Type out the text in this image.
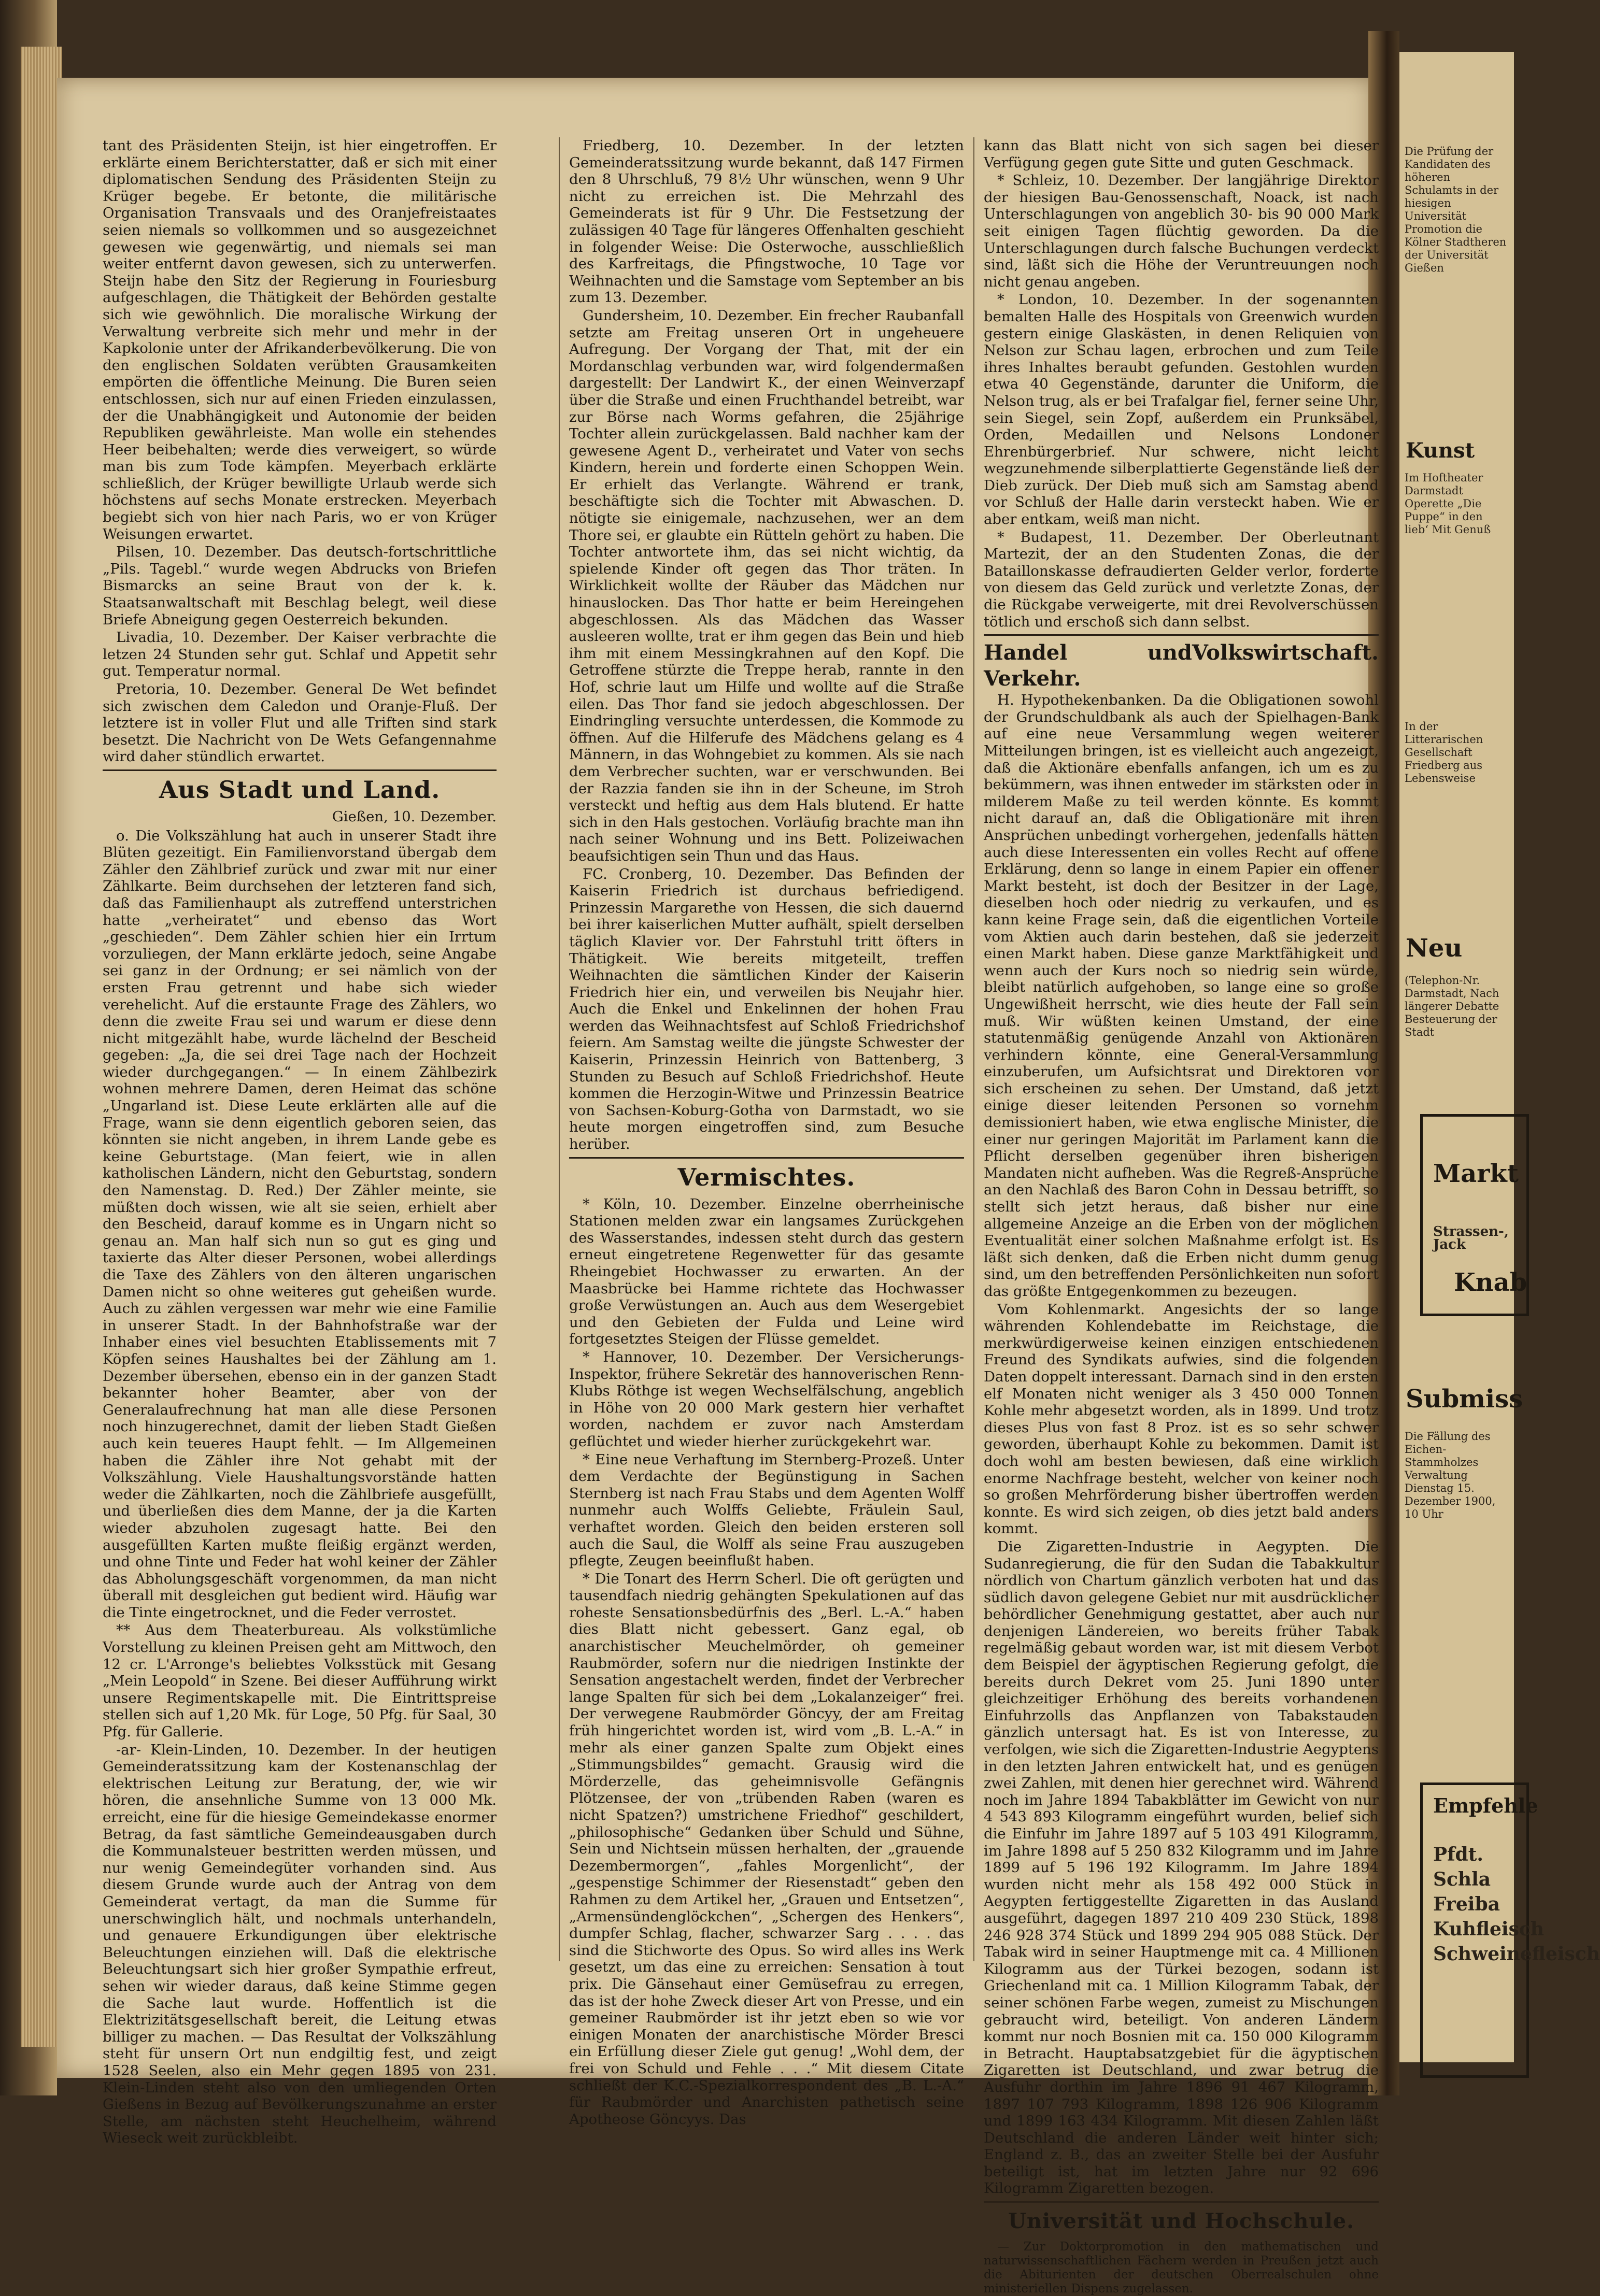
tant des Präsidenten Steijn, ist hier eingetroffen. Er erklärte einem Berichterstatter, daß er sich mit einer diplomatischen Sendung des Präsidenten Steijn zu Krüger begebe. Er betonte, die militärische Organisation Transvaals und des Oranjefreistaates seien niemals so vollkommen und so ausgezeichnet gewesen wie gegenwärtig, und niemals sei man weiter entfernt davon gewesen, sich zu unterwerfen. Steijn habe den Sitz der Regierung in Fouriesburg aufgeschlagen, die Thätigkeit der Behörden gestalte sich wie gewöhnlich. Die moralische Wirkung der Verwaltung verbreite sich mehr und mehr in der Kapkolonie unter der Afrikanderbevölkerung. Die von den englischen Soldaten verübten Grausamkeiten empörten die öffentliche Meinung. Die Buren seien entschlossen, sich nur auf einen Frieden einzulassen, der die Unabhängigkeit und Autonomie der beiden Republiken gewährleiste. Man wolle ein stehendes Heer beibehalten; werde dies verweigert, so würde man bis zum Tode kämpfen. Meyerbach erklärte schließlich, der Krüger bewilligte Urlaub werde sich höchstens auf sechs Monate erstrecken. Meyerbach begiebt sich von hier nach Paris, wo er von Krüger Weisungen erwartet.

Pilsen, 10. Dezember. Das deutsch-fortschrittliche „Pils. Tagebl.“ wurde wegen Abdrucks von Briefen Bismarcks an seine Braut von der k. k. Staatsanwaltschaft mit Beschlag belegt, weil diese Briefe Abneigung gegen Oesterreich bekunden.

Livadia, 10. Dezember. Der Kaiser verbrachte die letzen 24 Stunden sehr gut. Schlaf und Appetit sehr gut. Temperatur normal.

Pretoria, 10. Dezember. General De Wet befindet sich zwischen dem Caledon und Oranje-Fluß. Der letztere ist in voller Flut und alle Triften sind stark besetzt. Die Nachricht von De Wets Gefangennahme wird daher stündlich erwartet.

Aus Stadt und Land.
Gießen, 10. Dezember.

o. Die Volkszählung hat auch in unserer Stadt ihre Blüten gezeitigt. Ein Familienvorstand übergab dem Zähler den Zählbrief zurück und zwar mit nur einer Zählkarte. Beim durchsehen der letzteren fand sich, daß das Familienhaupt als zutreffend unterstrichen hatte „verheiratet“ und ebenso das Wort „geschieden“. Dem Zähler schien hier ein Irrtum vorzuliegen, der Mann erklärte jedoch, seine Angabe sei ganz in der Ordnung; er sei nämlich von der ersten Frau getrennt und habe sich wieder verehelicht. Auf die erstaunte Frage des Zählers, wo denn die zweite Frau sei und warum er diese denn nicht mitgezählt habe, wurde lächelnd der Bescheid gegeben: „Ja, die sei drei Tage nach der Hochzeit wieder durchgegangen.“ — In einem Zählbezirk wohnen mehrere Damen, deren Heimat das schöne „Ungarland ist. Diese Leute erklärten alle auf die Frage, wann sie denn eigentlich geboren seien, das könnten sie nicht angeben, in ihrem Lande gebe es keine Geburtstage. (Man feiert, wie in allen katholischen Ländern, nicht den Geburtstag, sondern den Namenstag. D. Red.) Der Zähler meinte, sie müßten doch wissen, wie alt sie seien, erhielt aber den Bescheid, darauf komme es in Ungarn nicht so genau an. Man half sich nun so gut es ging und taxierte das Alter dieser Personen, wobei allerdings die Taxe des Zählers von den älteren ungarischen Damen nicht so ohne weiteres gut geheißen wurde. Auch zu zählen vergessen war mehr wie eine Familie in unserer Stadt. In der Bahnhofstraße war der Inhaber eines viel besuchten Etablissements mit 7 Köpfen seines Haushaltes bei der Zählung am 1. Dezember übersehen, ebenso ein in der ganzen Stadt bekannter hoher Beamter, aber von der Generalaufrechnung hat man alle diese Personen noch hinzugerechnet, damit der lieben Stadt Gießen auch kein teueres Haupt fehlt. — Im Allgemeinen haben die Zähler ihre Not gehabt mit der Volkszählung. Viele Haushaltungsvorstände hatten weder die Zählkarten, noch die Zählbriefe ausgefüllt, und überließen dies dem Manne, der ja die Karten wieder abzuholen zugesagt hatte. Bei den ausgefüllten Karten mußte fleißig ergänzt werden, und ohne Tinte und Feder hat wohl keiner der Zähler das Abholungsgeschäft vorgenommen, da man nicht überall mit desgleichen gut bedient wird. Häufig war die Tinte eingetrocknet, und die Feder verrostet.

** Aus dem Theaterbureau. Als volkstümliche Vorstellung zu kleinen Preisen geht am Mittwoch, den 12 cr. L'Arronge's beliebtes Volksstück mit Gesang „Mein Leopold“ in Szene. Bei dieser Aufführung wirkt unsere Regimentskapelle mit. Die Eintrittspreise stellen sich auf 1,20 Mk. für Loge, 50 Pfg. für Saal, 30 Pfg. für Gallerie.

-ar- Klein-Linden, 10. Dezember. In der heutigen Gemeinderatssitzung kam der Kostenanschlag der elektrischen Leitung zur Beratung, der, wie wir hören, die ansehnliche Summe von 13 000 Mk. erreicht, eine für die hiesige Gemeindekasse enormer Betrag, da fast sämtliche Gemeindeausgaben durch die Kommunalsteuer bestritten werden müssen, und nur wenig Gemeindegüter vorhanden sind. Aus diesem Grunde wurde auch der Antrag von dem Gemeinderat vertagt, da man die Summe für unerschwinglich hält, und nochmals unterhandeln, und genauere Erkundigungen über elektrische Beleuchtungen einziehen will. Daß die elektrische Beleuchtungsart sich hier großer Sympathie erfreut, sehen wir wieder daraus, daß keine Stimme gegen die Sache laut wurde. Hoffentlich ist die Elektrizitätsgesellschaft bereit, die Leitung etwas billiger zu machen. — Das Resultat der Volkszählung steht für unsern Ort nun endgiltig fest, und zeigt 1528 Seelen, also ein Mehr gegen 1895 von 231. Klein-Linden steht also von den umliegenden Orten Gießens in Bezug auf Bevölkerungszunahme an erster Stelle, am nächsten steht Heuchelheim, während Wieseck weit zurückbleibt.

Friedberg, 10. Dezember. In der letzten Gemeinderatssitzung wurde bekannt, daß 147 Firmen den 8 Uhrschluß, 79 8½ Uhr wünschen, wenn 9 Uhr nicht zu erreichen ist. Die Mehrzahl des Gemeinderats ist für 9 Uhr. Die Festsetzung der zulässigen 40 Tage für längeres Offenhalten geschieht in folgender Weise: Die Osterwoche, ausschließlich des Karfreitags, die Pfingstwoche, 10 Tage vor Weihnachten und die Samstage vom September an bis zum 13. Dezember.

Gundersheim, 10. Dezember. Ein frecher Raubanfall setzte am Freitag unseren Ort in ungeheuere Aufregung. Der Vorgang der That, mit der ein Mordanschlag verbunden war, wird folgendermaßen dargestellt: Der Landwirt K., der einen Weinverzapf über die Straße und einen Fruchthandel betreibt, war zur Börse nach Worms gefahren, die 25jährige Tochter allein zurückgelassen. Bald nachher kam der gewesene Agent D., verheiratet und Vater von sechs Kindern, herein und forderte einen Schoppen Wein. Er erhielt das Verlangte. Während er trank, beschäftigte sich die Tochter mit Abwaschen. D. nötigte sie einigemale, nachzusehen, wer an dem Thore sei, er glaubte ein Rütteln gehört zu haben. Die Tochter antwortete ihm, das sei nicht wichtig, da spielende Kinder oft gegen das Thor träten. In Wirklichkeit wollte der Räuber das Mädchen nur hinauslocken. Das Thor hatte er beim Hereingehen abgeschlossen. Als das Mädchen das Wasser ausleeren wollte, trat er ihm gegen das Bein und hieb ihm mit einem Messingkrahnen auf den Kopf. Die Getroffene stürzte die Treppe herab, rannte in den Hof, schrie laut um Hilfe und wollte auf die Straße eilen. Das Thor fand sie jedoch abgeschlossen. Der Eindringling versuchte unterdessen, die Kommode zu öffnen. Auf die Hilferufe des Mädchens gelang es 4 Männern, in das Wohngebiet zu kommen. Als sie nach dem Verbrecher suchten, war er verschwunden. Bei der Razzia fanden sie ihn in der Scheune, im Stroh versteckt und heftig aus dem Hals blutend. Er hatte sich in den Hals gestochen. Vorläufig brachte man ihn nach seiner Wohnung und ins Bett. Polizeiwachen beaufsichtigen sein Thun und das Haus.

FC. Cronberg, 10. Dezember. Das Befinden der Kaiserin Friedrich ist durchaus befriedigend. Prinzessin Margarethe von Hessen, die sich dauernd bei ihrer kaiserlichen Mutter aufhält, spielt derselben täglich Klavier vor. Der Fahrstuhl tritt öfters in Thätigkeit. Wie bereits mitgeteilt, treffen Weihnachten die sämtlichen Kinder der Kaiserin Friedrich hier ein, und verweilen bis Neujahr hier. Auch die Enkel und Enkelinnen der hohen Frau werden das Weihnachtsfest auf Schloß Friedrichshof feiern. Am Samstag weilte die jüngste Schwester der Kaiserin, Prinzessin Heinrich von Battenberg, 3 Stunden zu Besuch auf Schloß Friedrichshof. Heute kommen die Herzogin-Witwe und Prinzessin Beatrice von Sachsen-Koburg-Gotha von Darmstadt, wo sie heute morgen eingetroffen sind, zum Besuche herüber.

Vermischtes.

* Köln, 10. Dezember. Einzelne oberrheinische Stationen melden zwar ein langsames Zurückgehen des Wasserstandes, indessen steht durch das gestern erneut eingetretene Regenwetter für das gesamte Rheingebiet Hochwasser zu erwarten. An der Maasbrücke bei Hamme richtete das Hochwasser große Verwüstungen an. Auch aus dem Wesergebiet und den Gebieten der Fulda und Leine wird fortgesetztes Steigen der Flüsse gemeldet.

* Hannover, 10. Dezember. Der Versicherungs-Inspektor, frühere Sekretär des hannoverischen Renn-Klubs Röthge ist wegen Wechselfälschung, angeblich in Höhe von 20 000 Mark gestern hier verhaftet worden, nachdem er zuvor nach Amsterdam geflüchtet und wieder hierher zurückgekehrt war.

* Eine neue Verhaftung im Sternberg-Prozeß. Unter dem Verdachte der Begünstigung in Sachen Sternberg ist nach Frau Stabs und dem Agenten Wolff nunmehr auch Wolffs Geliebte, Fräulein Saul, verhaftet worden. Gleich den beiden ersteren soll auch die Saul, die Wolff als seine Frau auszugeben pflegte, Zeugen beeinflußt haben.

* Die Tonart des Herrn Scherl. Die oft gerügten und tausendfach niedrig gehängten Spekulationen auf das roheste Sensationsbedürfnis des „Berl. L.-A.“ haben dies Blatt nicht gebessert. Ganz egal, ob anarchistischer Meuchelmörder, oh gemeiner Raubmörder, sofern nur die niedrigen Instinkte der Sensation angestachelt werden, findet der Verbrecher lange Spalten für sich bei dem „Lokalanzeiger“ frei. Der verwegene Raubmörder Göncyy, der am Freitag früh hingerichtet worden ist, wird vom „B. L.-A.“ in mehr als einer ganzen Spalte zum Objekt eines „Stimmungsbildes“ gemacht. Grausig wird die Mörderzelle, das geheimnisvolle Gefängnis Plötzensee, der von „trübenden Raben (waren es nicht Spatzen?) umstrichene Friedhof“ geschildert, „philosophische“ Gedanken über Schuld und Sühne, Sein und Nichtsein müssen herhalten, der „grauende Dezembermorgen“, „fahles Morgenlicht“, der „gespenstige Schimmer der Riesenstadt“ geben den Rahmen zu dem Artikel her, „Grauen und Entsetzen“, „Armensündenglöckchen“, „Schergen des Henkers“, dumpfer Schlag, flacher, schwarzer Sarg . . . . das sind die Stichworte des Opus. So wird alles ins Werk gesetzt, um das eine zu erreichen: Sensation à tout prix. Die Gänsehaut einer Gemüsefrau zu erregen, das ist der hohe Zweck dieser Art von Presse, und ein gemeiner Raubmörder ist ihr jetzt eben so wie vor einigen Monaten der anarchistische Mörder Bresci ein Erfüllung dieser Ziele gut genug! „Wohl dem, der frei von Schuld und Fehle . . .“ Mit diesem Citate schließt der K.C.-Spezialkorrespondent des „B. L.-A.“ für Raubmörder und Anarchisten pathetisch seine Apotheose Göncyys. Das

kann das Blatt nicht von sich sagen bei dieser Verfügung gegen gute Sitte und guten Geschmack.

* Schleiz, 10. Dezember. Der langjährige Direktor der hiesigen Bau-Genossenschaft, Noack, ist nach Unterschlagungen von angeblich 30- bis 90 000 Mark seit einigen Tagen flüchtig geworden. Da die Unterschlagungen durch falsche Buchungen verdeckt sind, läßt sich die Höhe der Veruntreuungen noch nicht genau angeben.

* London, 10. Dezember. In der sogenannten bemalten Halle des Hospitals von Greenwich wurden gestern einige Glaskästen, in denen Reliquien von Nelson zur Schau lagen, erbrochen und zum Teile ihres Inhaltes beraubt gefunden. Gestohlen wurden etwa 40 Gegenstände, darunter die Uniform, die Nelson trug, als er bei Trafalgar fiel, ferner seine Uhr, sein Siegel, sein Zopf, außerdem ein Prunksäbel, Orden, Medaillen und Nelsons Londoner Ehrenbürgerbrief. Nur schwere, nicht leicht wegzunehmende silberplattierte Gegenstände ließ der Dieb zurück. Der Dieb muß sich am Samstag abend vor Schluß der Halle darin versteckt haben. Wie er aber entkam, weiß man nicht.

* Budapest, 11. Dezember. Der Oberleutnant Martezit, der an den Studenten Zonas, die der Bataillonskasse defraudierten Gelder verlor, forderte von diesem das Geld zurück und verletzte Zonas, der die Rückgabe verweigerte, mit drei Revolverschüssen tötlich und erschoß sich dann selbst.

Handel und Verkehr.
Volkswirtschaft.

H. Hypothekenbanken. Da die Obligationen sowohl der Grundschuldbank als auch der Spielhagen-Bank auf eine neue Versammlung wegen weiterer Mitteilungen bringen, ist es vielleicht auch angezeigt, daß die Aktionäre ebenfalls anfangen, ich um es zu bekümmern, was ihnen entweder im stärksten oder in milderem Maße zu teil werden könnte. Es kommt nicht darauf an, daß die Obligationäre mit ihren Ansprüchen unbedingt vorhergehen, jedenfalls hätten auch diese Interessenten ein volles Recht auf offene Erklärung, denn so lange in einem Papier ein offener Markt besteht, ist doch der Besitzer in der Lage, dieselben hoch oder niedrig zu verkaufen, und es kann keine Frage sein, daß die eigentlichen Vorteile vom Aktien auch darin bestehen, daß sie jederzeit einen Markt haben. Diese ganze Marktfähigkeit und wenn auch der Kurs noch so niedrig sein würde, bleibt natürlich aufgehoben, so lange eine so große Ungewißheit herrscht, wie dies heute der Fall sein muß. Wir wüßten keinen Umstand, der eine statutenmäßig genügende Anzahl von Aktionären verhindern könnte, eine General-Versammlung einzuberufen, um Aufsichtsrat und Direktoren vor sich erscheinen zu sehen. Der Umstand, daß jetzt einige dieser leitenden Personen so vornehm demissioniert haben, wie etwa englische Minister, die einer nur geringen Majorität im Parlament kann die Pflicht derselben gegenüber ihren bisherigen Mandaten nicht aufheben. Was die Regreß-Ansprüche an den Nachlaß des Baron Cohn in Dessau betrifft, so stellt sich jetzt heraus, daß bisher nur eine allgemeine Anzeige an die Erben von der möglichen Eventualität einer solchen Maßnahme erfolgt ist. Es läßt sich denken, daß die Erben nicht dumm genug sind, um den betreffenden Persönlichkeiten nun sofort das größte Entgegenkommen zu bezeugen.

Vom Kohlenmarkt. Angesichts der so lange währenden Kohlendebatte im Reichstage, die merkwürdigerweise keinen einzigen entschiedenen Freund des Syndikats aufwies, sind die folgenden Daten doppelt interessant. Darnach sind in den ersten elf Monaten nicht weniger als 3 450 000 Tonnen Kohle mehr abgesetzt worden, als in 1899. Und trotz dieses Plus von fast 8 Proz. ist es so sehr schwer geworden, überhaupt Kohle zu bekommen. Damit ist doch wohl am besten bewiesen, daß eine wirklich enorme Nachfrage besteht, welcher von keiner noch so großen Mehrförderung bisher übertroffen werden konnte. Es wird sich zeigen, ob dies jetzt bald anders kommt.

Die Zigaretten-Industrie in Aegypten. Die Sudanregierung, die für den Sudan die Tabakkultur nördlich von Chartum gänzlich verboten hat und das südlich davon gelegene Gebiet nur mit ausdrücklicher behördlicher Genehmigung gestattet, aber auch nur denjenigen Ländereien, wo bereits früher Tabak regelmäßig gebaut worden war, ist mit diesem Verbot dem Beispiel der ägyptischen Regierung gefolgt, die bereits durch Dekret vom 25. Juni 1890 unter gleichzeitiger Erhöhung des bereits vorhandenen Einfuhrzolls das Anpflanzen von Tabakstauden gänzlich untersagt hat. Es ist von Interesse, zu verfolgen, wie sich die Zigaretten-Industrie Aegyptens in den letzten Jahren entwickelt hat, und es genügen zwei Zahlen, mit denen hier gerechnet wird. Während noch im Jahre 1894 Tabakblätter im Gewicht von nur 4 543 893 Kilogramm eingeführt wurden, belief sich die Einfuhr im Jahre 1897 auf 5 103 491 Kilogramm, im Jahre 1898 auf 5 250 832 Kilogramm und im Jahre 1899 auf 5 196 192 Kilogramm. Im Jahre 1894 wurden nicht mehr als 158 492 000 Stück in Aegypten fertiggestellte Zigaretten in das Ausland ausgeführt, dagegen 1897 210 409 230 Stück, 1898 246 928 374 Stück und 1899 294 905 088 Stück. Der Tabak wird in seiner Hauptmenge mit ca. 4 Millionen Kilogramm aus der Türkei bezogen, sodann ist Griechenland mit ca. 1 Million Kilogramm Tabak, der seiner schönen Farbe wegen, zumeist zu Mischungen gebraucht wird, beteiligt. Von anderen Ländern kommt nur noch Bosnien mit ca. 150 000 Kilogramm in Betracht. Hauptabsatzgebiet für die ägyptischen Zigaretten ist Deutschland, und zwar betrug die Ausfuhr dorthin im Jahre 1896 91 467 Kilogramm, 1897 107 793 Kilogramm, 1898 126 906 Kilogramm und 1899 163 434 Kilogramm. Mit diesen Zahlen läßt Deutschland die anderen Länder weit hinter sich; England z. B., das an zweiter Stelle bei der Ausfuhr beteiligt ist, hat im letzten Jahre nur 92 696 Kilogramm Zigaretten bezogen.

Universität und Hochschule.

— Zur Doktorpromotion in den mathematischen und naturwissenschaftlichen Fächern werden in Preußen jetzt auch die Abiturienten der deutschen Oberrealschulen ohne ministeriellen Dispens zugelassen.

Die Prüfung der Kandidaten des höheren Schulamts in der hiesigen Universität Promotion die Kölner Stadtheren der Universität Gießen
Kunst
Im Hoftheater Darmstadt Operette „Die Puppe“ in den lieb‘ Mit Genuß
In der Litterarischen Gesellschaft Friedberg aus Lebensweise
Neu
(Telephon-Nr. Darmstadt, Nach längerer Debatte Besteuerung der Stadt
Markt
Strassen-, Jack
Knab
Submiss
Die Fällung des Eichen-Stammholzes Verwaltung Dienstag 15. Dezember 1900, 10 Uhr
Empfehle
Pfdt. Schla Freiba Kuhfleisch Schweinefleisch
